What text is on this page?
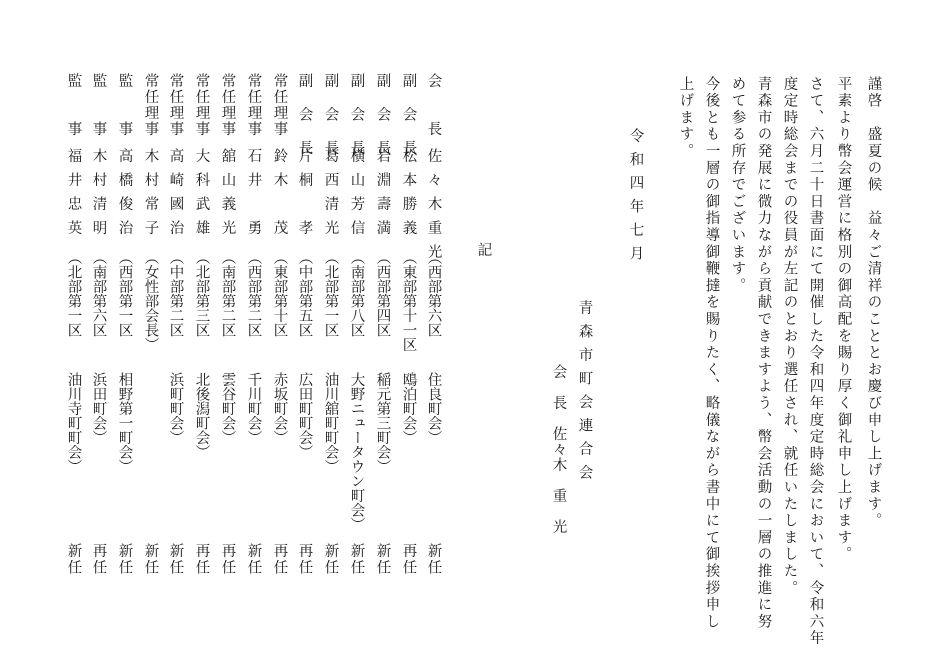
謹啓　盛夏の候　益々ご清祥のこととお慶び申し上げます。

平素より幣会運営に格別の御高配を賜り厚く御礼申し上げます。

さて、六月二十日書面にて開催した令和四年度定時総会において、令和六年

度定時総会までの役員が左記のとおり選任され、就任いたしました。

青森市の発展に微力ながら貢献できますよう、幣会活動の一層の推進に努

めて参る所存でございます。

今後とも一層の御指導御鞭撻を賜りたく、略儀ながら書中にて御挨拶申し

上げます。

令和四年七月

青森市町会連合会

会　長　佐々木　重　光

記

会　　長

佐々木重光

（西部第六区

住良町会）

新任

副 会 長

松本勝義

（東部第十一区

鴎泊町会）

再任

副 会 長

岩淵壽満

（西部第四区

稲元第三町会）

新任

副 会 長

横山芳信

（南部第八区

大野ニュータウン町会）

新任

副 会 長

葛西清光

（北部第一区

油川舘町町会）

新任

副 会 長

片桐　孝

（中部第五区

広田町町会）

再任

常任理事

鈴木　茂

（東部第十区

赤坂町会）

再任

常任理事

石井　勇

（西部第二区

千川町会）

新任

常任理事

舘山義光

（南部第二区

雲谷町会）

再任

常任理事

大科武雄

（北部第三区

北後潟町会）

再任

常任理事

高崎國治

（中部第二区

浜町町会）

新任

常任理事

木村常子

（女性部会長）

新任

監　　事

高橋俊治

（西部第一区

相野第一町会）

新任

監　　事

木村清明

（南部第六区

浜田町会）

再任

監　　事

福井忠英

（北部第一区

油川寺町町会）

新任
